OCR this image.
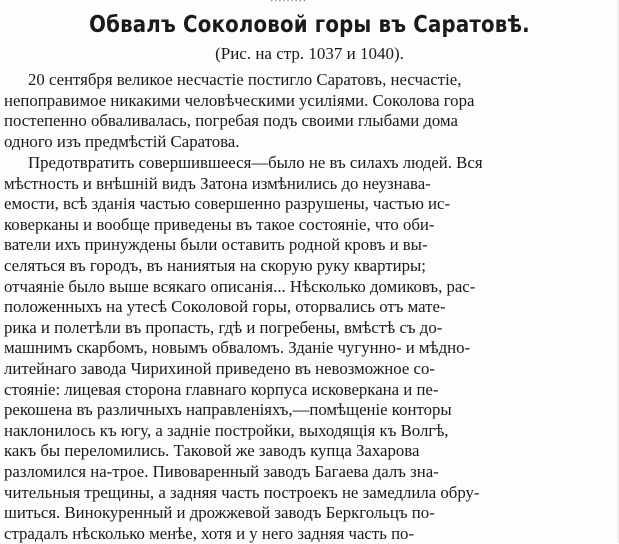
Обвалъ Соколовой горы въ Саратовѣ.
(Рис. на стр. 1037 и 1040).
20 сентября великое несчастіе постигло Саратовъ, несчастіе,
непоправимое никакими человѣческими усиліями. Соколова гора
постепенно обваливалась, погребая подъ своими глыбами дома
одного изъ предмѣстій Саратова.
Предотвратить совершившееся—было не въ силахъ людей. Вся
мѣстность и внѣшній видъ Затона измѣнились до неузнава-
емости, всѣ зданія частью совершенно разрушены, частью ис-
коверканы и вообще приведены въ такое состояніе, что оби-
ватели ихъ принуждены были оставить родной кровъ и вы-
селяться въ городъ, въ наниятыя на скорую руку квартиры;
отчаяніе было выше всякаго описанія... Нѣсколько домиковъ, рас-
положенныхъ на утесѣ Соколовой горы, оторвались отъ мате-
рика и полетѣли въ пропасть, гдѣ и погребены, вмѣстѣ съ до-
машнимъ скарбомъ, новымъ обваломъ. Зданіе чугунно- и мѣдно-
литейнаго завода Чирихиной приведено въ невозможное со-
стояніе: лицевая сторона главнаго корпуса исковеркана и пе-
рекошена въ различныхъ направленіяхъ,—помѣщеніе конторы
наклонилось къ югу, а задніе постройки, выходящія къ Волгѣ,
какъ бы переломились. Таковой же заводъ купца Захарова
разломился на-трое. Пивоваренный заводъ Багаева далъ зна-
чительныя трещины, а задняя часть построекъ не замедлила обру-
шиться. Винокуренный и дрожжевой заводъ Беркгольцъ по-
страдалъ нѣсколько менѣе, хотя и у него задняя часть по-
